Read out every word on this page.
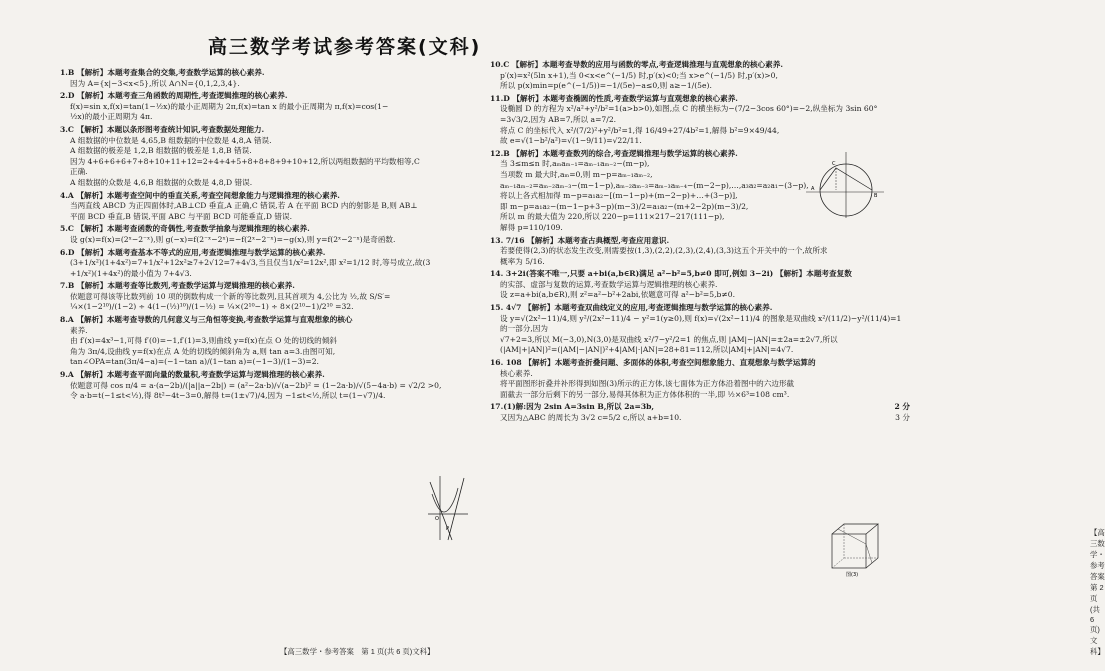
高三数学考试参考答案(文科)

1.B 【解析】本题考查集合的交集,考查数学运算的核心素养.

因为 A={x|−3<x<5},所以 A∩N={0,1,2,3,4}.

2.D 【解析】本题考查三角函数的周期性,考查逻辑推理的核心素养.

f(x)=sin x,f(x)=tan(1−½x)的最小正周期为 2π,f(x)=tan x 的最小正周期为 π,f(x)=cos(1−

½x)的最小正周期为 4π.

3.C 【解析】本题以条形图考查统计知识,考查数据处理能力.

A 组数据的中位数是 4,65,B 组数据的中位数是 4,8,A 错误.

A 组数据的极差是 1,2,B 组数据的极差是 1,8,B 错误.

因为 4+6+6+6+7+8+10+11+12=2+4+4+5+8+8+8+9+10+12,所以两组数据的平均数相等,C

正确.

A 组数据的众数是 4,6,B 组数据的众数是 4,8,D 错误.

4.A 【解析】本题考查空间中的垂直关系,考查空间想象能力与逻辑推理的核心素养.

当两直线 ABCD 为正四面体时,AB⊥CD 垂直,A 正确,C 错误,若 A 在平面 BCD 内的射影是 B,则 AB⊥

平面 BCD 垂直,B 错误,平面 ABC 与平面 BCD 可能垂直,D 错误.

5.C 【解析】本题考查函数的奇偶性,考查数学抽象与逻辑推理的核心素养.

设 g(x)=f(x)=(2ˣ−2⁻ˣ),则 g(−x)=f(2⁻ˣ−2ˣ)=−f(2ˣ−2⁻ˣ)=−g(x),则 y=f(2ˣ−2⁻ˣ)是奇函数.

6.D 【解析】本题考查基本不等式的应用,考查逻辑推理与数学运算的核心素养.

(3+1/x²)(1+4x²)=7+1/x²+12x²≥7+2√12=7+4√3,当且仅当1/x²=12x²,即 x²=1/12 时,等号成立,故(3

+1/x²)(1+4x²)的最小值为 7+4√3.

7.B 【解析】本题考查等比数列,考查数学运算与逻辑推理的核心素养.

依题意可得该等比数列前 10 项的倒数构成一个新的等比数列,且其首项为 4,公比为 ½,故 S/S′=

¼×(1−2¹⁰)/(1−2) ÷ 4(1−(½)¹⁰)/(1−½) = ¼×(2¹⁰−1) ÷ 8×(2¹⁰−1)/2¹⁰ =32.

8.A 【解析】本题考查导数的几何意义与三角恒等变换,考查数学运算与直观想象的核心

素养.

由 f′(x)=4x³−1,可得 f′(0)=−1,f′(1)=3,则曲线 y=f(x)在点 O 处的切线的倾斜

角为 3π/4,设曲线 y=f(x)在点 A 处的切线的倾斜角为 a,则 tan a=3.由图可知,

tan∠OPA=tan(3π/4−a)=(−1−tan a)/(1−tan a)=(−1−3)/(1−3)=2.

9.A 【解析】本题考查平面向量的数量积,考查数学运算与逻辑推理的核心素养.

依题意可得 cos π/4 = a·(a−2b)/(|a||a−2b|) = (a²−2a·b)/√(a−2b)² = (1−2a·b)/√(5−4a·b) = √2/2 >0,

令 a·b=t(−1≤t<½),得 8t²−4t−3=0,解得 t=(1±√7)/4,因为 −1≤t<½,所以 t=(1−√7)/4.

O
P
【高三数学・参考答案　第 1 页(共 6 页)文科】

10.C 【解析】本题考查导数的应用与函数的零点,考查逻辑推理与直观想象的核心素养.

p′(x)=x²(5ln x+1),当 0<x<e^(−1/5) 时,p′(x)<0;当 x>e^(−1/5) 时,p′(x)>0,

所以 p(x)min=p(e^(−1/5))=−1/(5e)−a≤0,则 a≥−1/(5e).

11.D 【解析】本题考查椭圆的性质,考查数学运算与直观想象的核心素养.

设椭圆 D 的方程为 x²/a²+y²/b²=1(a>b>0),如图,点 C 的横坐标为−(7/2−3cos 60°)=−2,纵坐标为 3sin 60°

=3√3/2,因为 AB=7,所以 a=7/2.

将点 C 的坐标代入 x²/(7/2)²+y²/b²=1,得 16/49+27/4b²=1,解得 b²=9×49/44,

故 e=√(1−b²/a²)=√(1−9/11)=√22/11.

12.B 【解析】本题考查数列的综合,考查逻辑推理与数学运算的核心素养.

当 3≤m≤n 时,aₘaₘ₋₁=aₘ₋₁aₘ₋₂−(m−p),

当项数 m 最大时,aₘ=0,则 m−p=aₘ₋₁aₘ₋₂,

aₘ₋₁aₘ₋₂=aₘ₋₂aₘ₋₃−(m−1−p),aₘ₋₂aₘ₋₃=aₘ₋₃aₘ₋₄−(m−2−p),…,a₃a₂=a₂a₁−(3−p),

将以上各式相加得 m−p=a₁a₂−[(m−1−p)+(m−2−p)+…+(3−p)],

即 m−p=a₁a₂−(m−1−p+3−p)(m−3)/2=a₁a₂−(m+2−2p)(m−3)/2,

所以 m 的最大值为 220,所以 220−p=111×217−217(111−p),

解得 p=110/109.

13. 7/16 【解析】本题考查古典概型,考查应用意识.

若要使得(2,3)的状态发生改变,则需要按(1,3),(2,2),(2,3),(2,4),(3,3)这五个开关中的一个,故所求

概率为 5/16.

14. 3+2i(答案不唯一,只要 a+bi(a,b∈R)满足 a²−b²=5,b≠0 即可,例如 3−2i) 【解析】本题考查复数

的实部、虚部与复数的运算,考查数学运算与逻辑推理的核心素养.

设 z=a+bi(a,b∈R),则 z²=a²−b²+2abi,依题意可得 a²−b²=5,b≠0.

15. 4√7 【解析】本题考查双曲线定义的应用,考查逻辑推理与数学运算的核心素养.

设 y=√(2x²−11)/4,则 y²/(2x²−11)/4 − y²=1(y≥0),则 f(x)=√(2x²−11)/4 的图象是双曲线 x²/(11/2)−y²/(11/4)=1 的一部分,因为

√7+2=3,所以 M(−3,0),N(3,0)是双曲线 x²/7−y²/2=1 的焦点,则 |AM|−|AN|=±2a=±2√7,所以

(|AM|+|AN|)²=(|AM|−|AN|)²+4|AM|·|AN|=28+81=112,所以|AM|+|AN|=4√7.

16. 108 【解析】本题考查折叠问题、多面体的体积,考查空间想象能力、直观想象与数学运算的

核心素养.

将平面图形折叠并补形得到如图(3)所示的正方体,该七面体为正方体沿着图中的六边形截

面截去一部分后剩下的另一部分,易得其体积为正方体体积的一半,即 ½×6³=108 cm³.

17.(1)解:因为 2sin A=3sin B,所以 2a=3b,	2 分

又因为△ABC 的周长为 3√2 c=5/2 c,所以 a+b=10.	3 分

A
B
C
图(3)
【高三数学・参考答案　第 2 页(共 6 页)文科】
